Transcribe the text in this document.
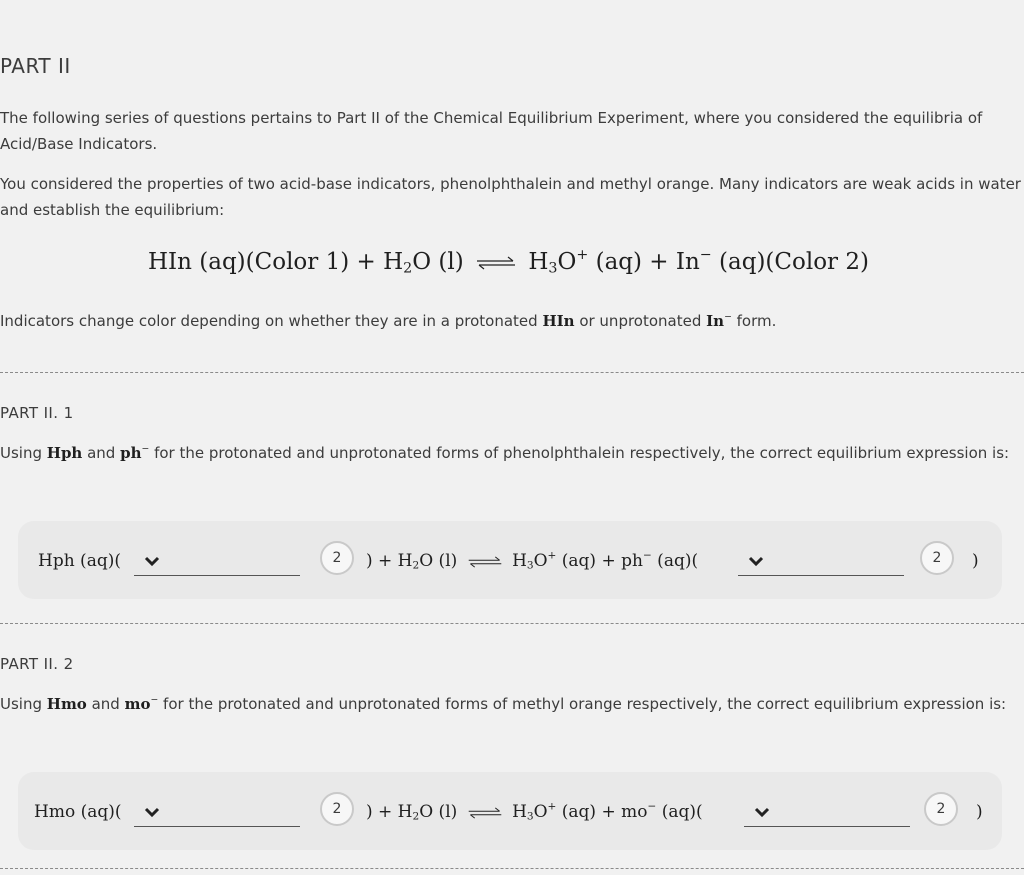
PART II
The following series of questions pertains to Part II of the Chemical Equilibrium Experiment, where you considered the equilibria of Acid/Base Indicators.
You considered the properties of two acid-base indicators, phenolphthalein and methyl orange. Many indicators are weak acids in water and establish the equilibrium:
HIn (aq)(Color $1) + H_2O$ (l) ⇌ $H_3O^+$ (aq) + In− (aq)(Color 2)
Indicators change color depending on whether they are in a protonated HIn or unprotonated In− form.
PART II. 1
Using Hph and ph− for the protonated and unprotonated forms of phenolphthalein respectively, the correct equilibrium expression is:
Hph (aq)(	2	) + $H_2O$ (l) ⇌ $H_3O^+$ (aq) + ph− (aq)(	2	)
PART II. 2
Using Hmo and mo− for the protonated and unprotonated forms of methyl orange respectively, the correct equilibrium expression is:
Hmo (aq)(	2	) + $H_2O$ (l) ⇌ $H_3O^+$ (aq) + mo− (aq)(	2	)
